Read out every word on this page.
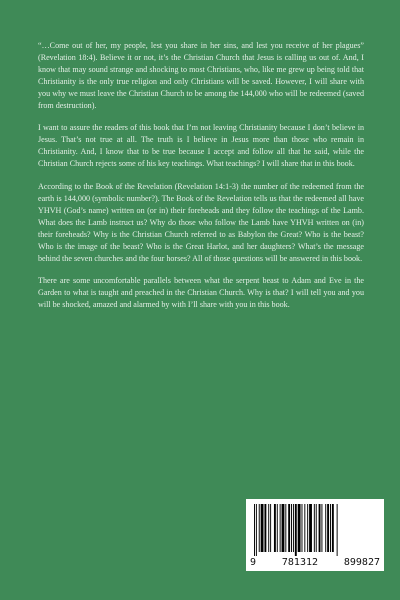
“…Come out of her, my people, lest you share in her sins, and lest you receive of her plagues” (Revelation 18:4). Believe it or not, it’s the Christian Church that Jesus is calling us out of. And, I know that may sound strange and shocking to most Christians, who, like me grew up being told that Christianity is the only true religion and only Christians will be saved. However, I will share with you why we must leave the Christian Church to be among the 144,000 who will be redeemed (saved from destruction).

I want to assure the readers of this book that I’m not leaving Christianity because I don’t believe in Jesus. That’s not true at all. The truth is I believe in Jesus more than those who remain in Christianity. And, I know that to be true because I accept and follow all that he said, while the Christian Church rejects some of his key teachings. What teachings? I will share that in this book.

According to the Book of the Revelation (Revelation 14:1-3) the number of the redeemed from the earth is 144,000 (symbolic number?). The Book of the Revelation tells us that the redeemed all have YHVH (God’s name) written on (or in) their foreheads and they follow the teachings of the Lamb. What does the Lamb instruct us? Why do those who follow the Lamb have YHVH written on (in) their foreheads? Why is the Christian Church referred to as Babylon the Great? Who is the beast? Who is the image of the beast? Who is the Great Harlot, and her daughters? What’s the message behind the seven churches and the four horses? All of those questions will be answered in this book.

There are some uncomfortable parallels between what the serpent beast to Adam and Eve in the Garden to what is taught and preached in the Christian Church. Why is that? I will tell you and you will be shocked, amazed and alarmed by with I’ll share with you in this book.

9	781312	899827
